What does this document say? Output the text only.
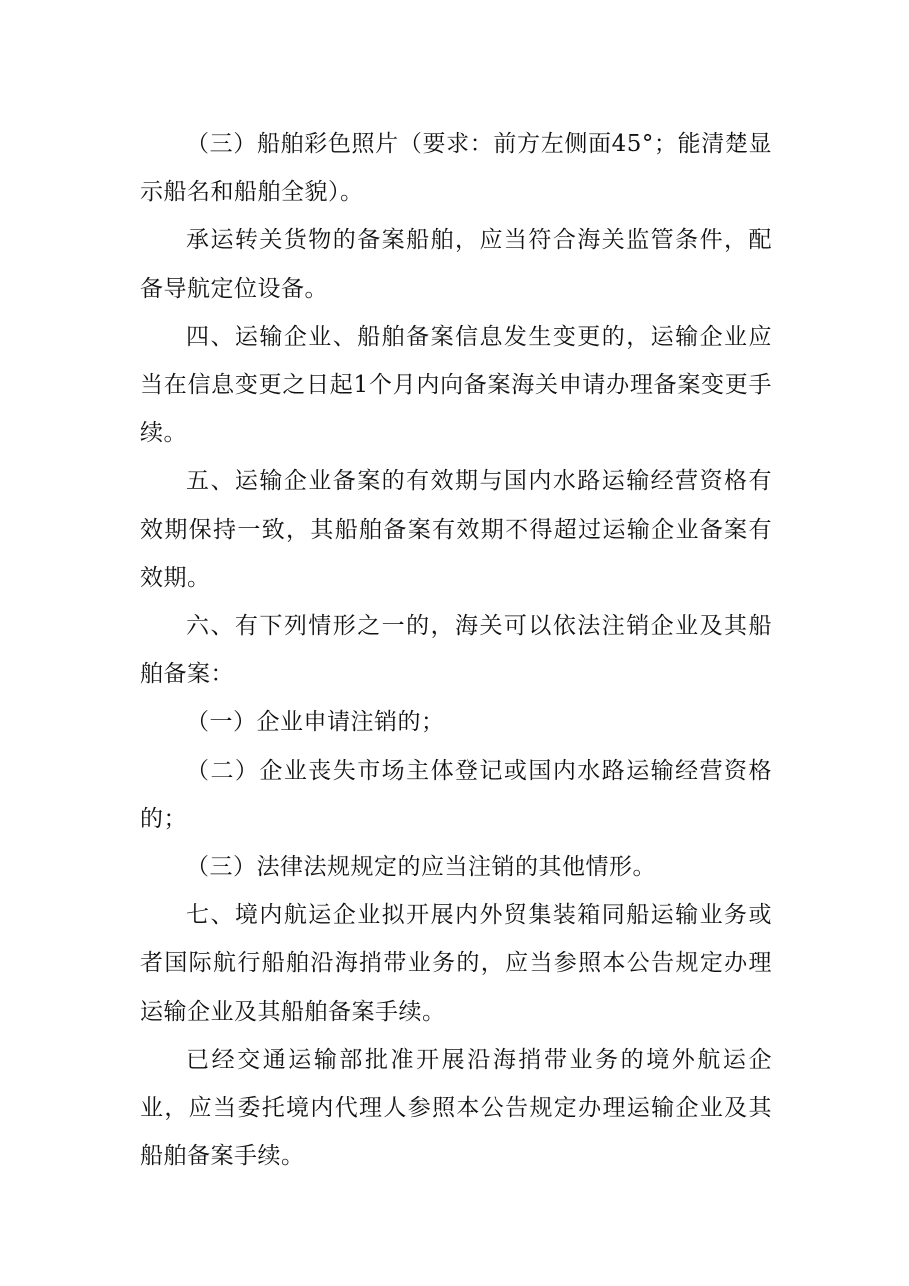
（三）船舶彩色照片（要求：前方左侧面45°；能清楚显示船名和船舶全貌）。

承运转关货物的备案船舶，应当符合海关监管条件，配备导航定位设备。

四、运输企业、船舶备案信息发生变更的，运输企业应当在信息变更之日起1个月内向备案海关申请办理备案变更手续。

五、运输企业备案的有效期与国内水路运输经营资格有效期保持一致，其船舶备案有效期不得超过运输企业备案有效期。

六、有下列情形之一的，海关可以依法注销企业及其船舶备案：

（一）企业申请注销的；

（二）企业丧失市场主体登记或国内水路运输经营资格的；

（三）法律法规规定的应当注销的其他情形。

七、境内航运企业拟开展内外贸集装箱同船运输业务或者国际航行船舶沿海捎带业务的，应当参照本公告规定办理运输企业及其船舶备案手续。

已经交通运输部批准开展沿海捎带业务的境外航运企业，应当委托境内代理人参照本公告规定办理运输企业及其船舶备案手续。
